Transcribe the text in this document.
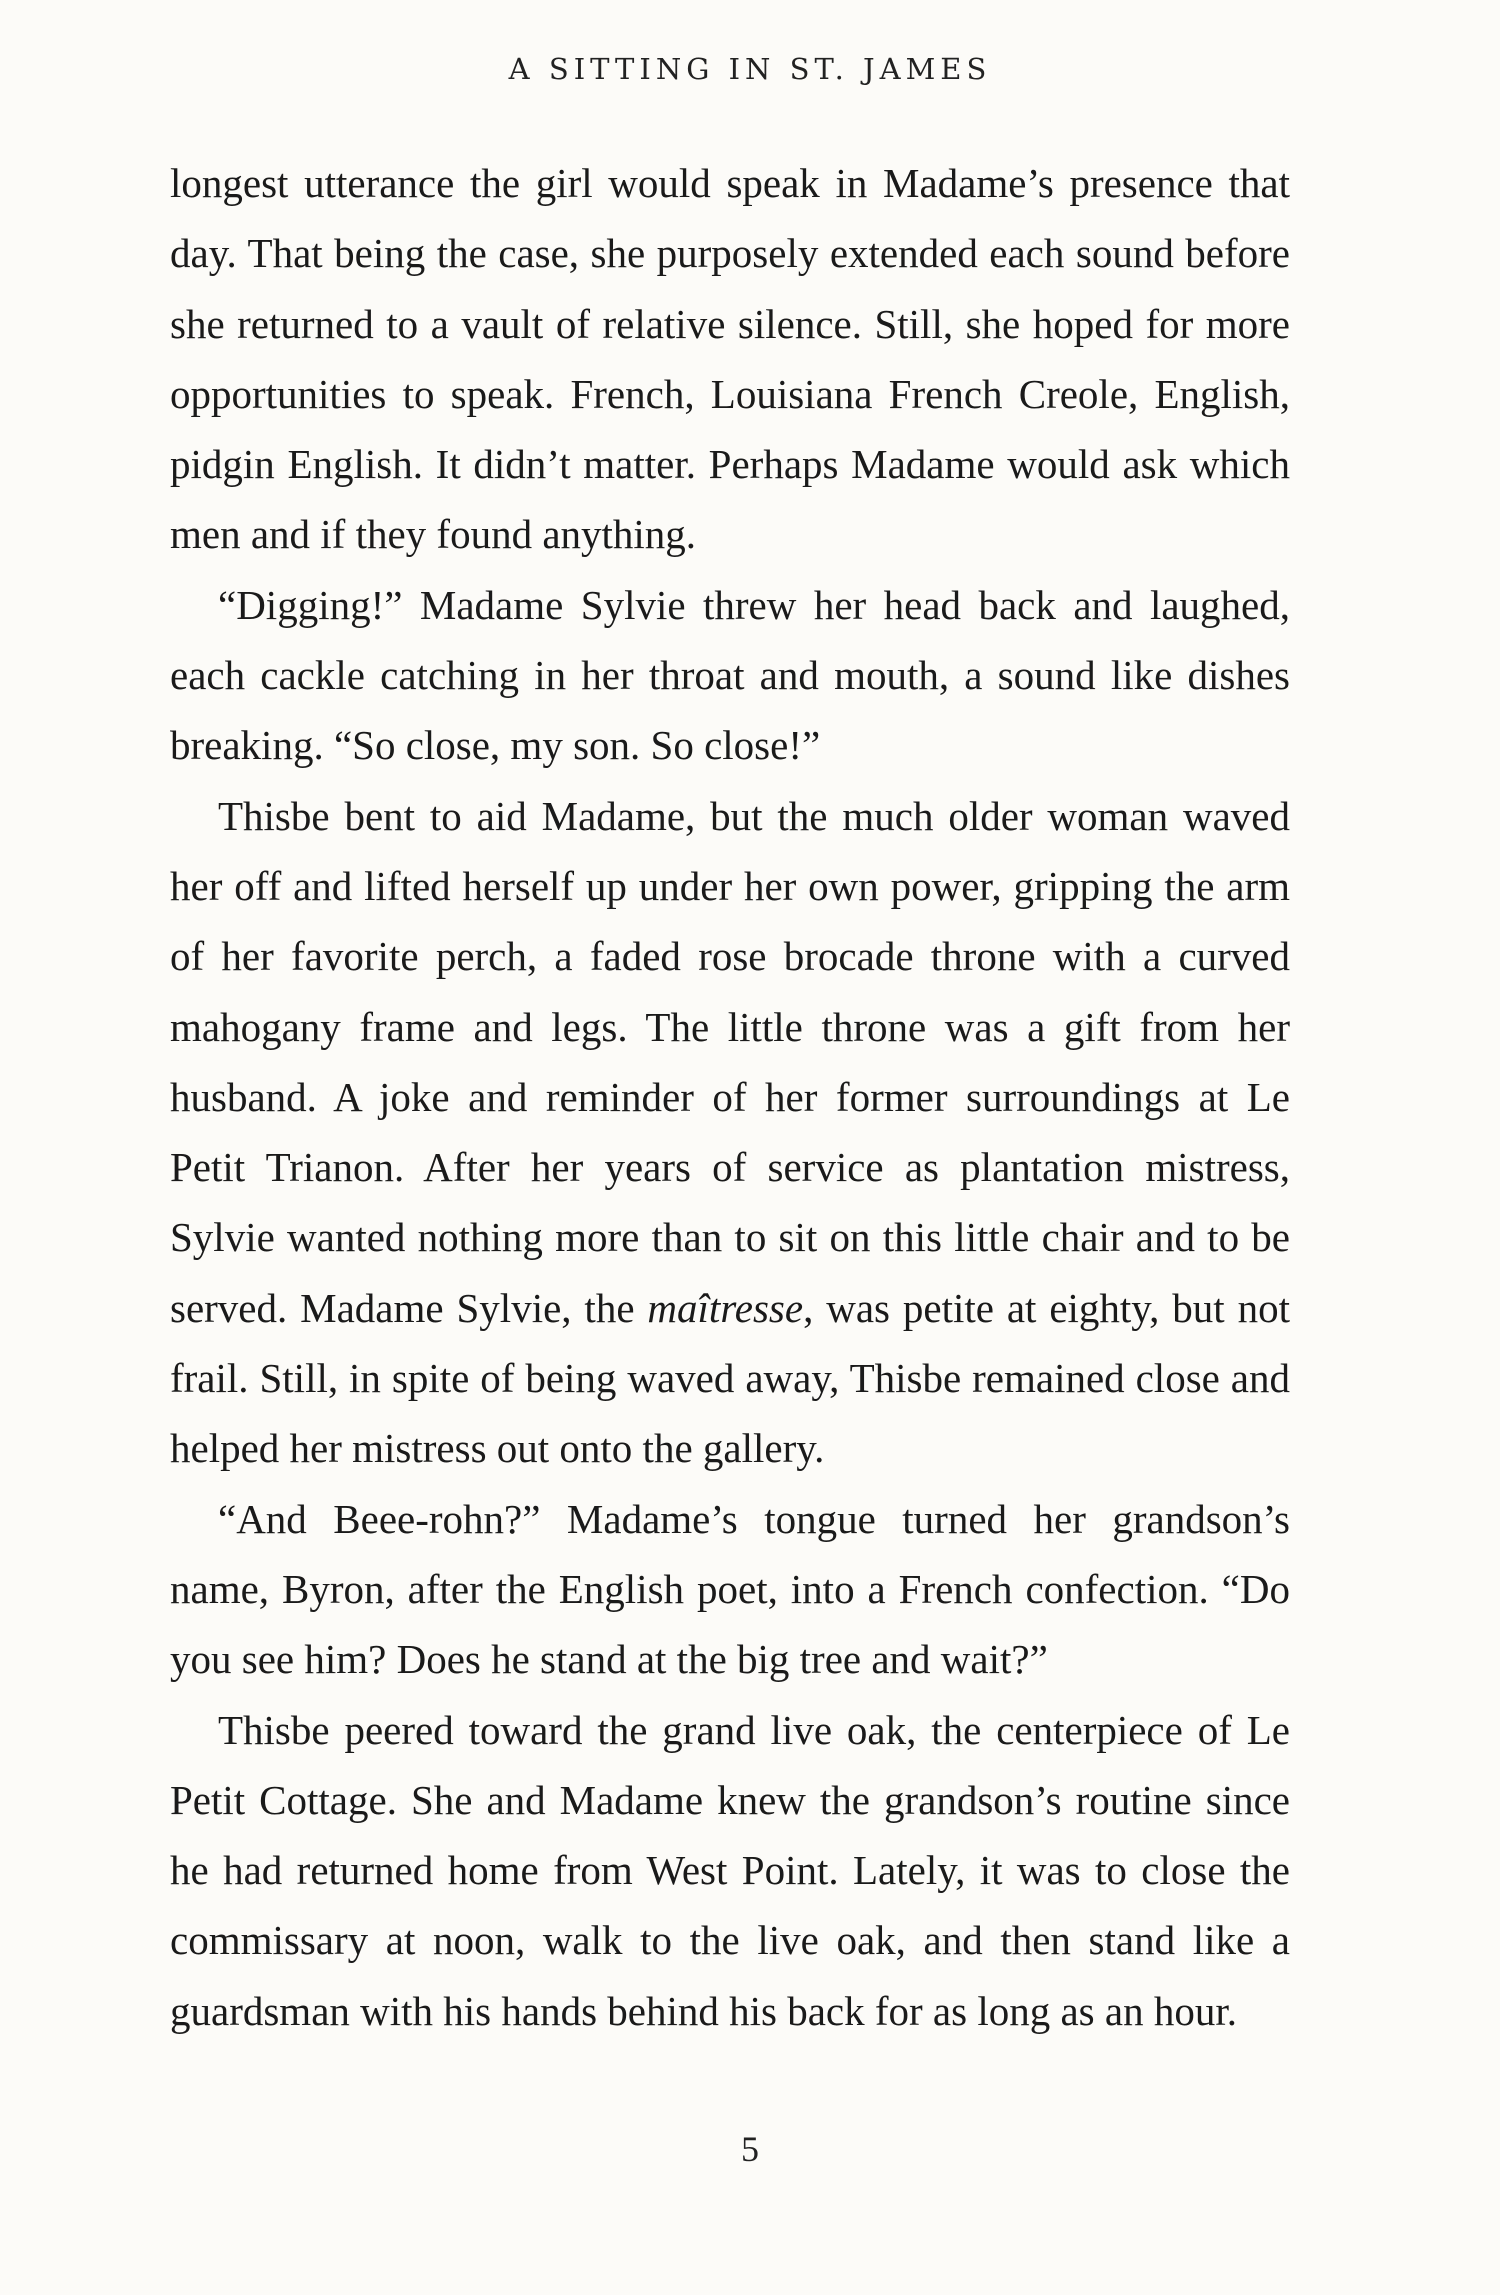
A SITTING IN ST. JAMES

longest utterance the girl would speak in Madame’s presence that day. That being the case, she purposely extended each sound before she returned to a vault of relative silence. Still, she hoped for more opportunities to speak. French, Louisiana French Creole, English, pidgin English. It didn’t matter. Perhaps Madame would ask which men and if they found anything.

“Digging!” Madame Sylvie threw her head back and laughed, each cackle catching in her throat and mouth, a sound like dishes breaking. “So close, my son. So close!”

Thisbe bent to aid Madame, but the much older woman waved her off and lifted herself up under her own power, gripping the arm of her favorite perch, a faded rose brocade throne with a curved mahogany frame and legs. The little throne was a gift from her husband. A joke and reminder of her former surroundings at Le Petit Trianon. After her years of service as plantation mistress, Sylvie wanted nothing more than to sit on this little chair and to be served. Madame Sylvie, the maîtresse, was petite at eighty, but not frail. Still, in spite of being waved away, Thisbe remained close and helped her mistress out onto the gallery.

“And Beee-rohn?” Madame’s tongue turned her grandson’s name, Byron, after the English poet, into a French confection. “Do you see him? Does he stand at the big tree and wait?”

Thisbe peered toward the grand live oak, the centerpiece of Le Petit Cottage. She and Madame knew the grandson’s routine since he had returned home from West Point. Lately, it was to close the commissary at noon, walk to the live oak, and then stand like a guardsman with his hands behind his back for as long as an hour.

5
